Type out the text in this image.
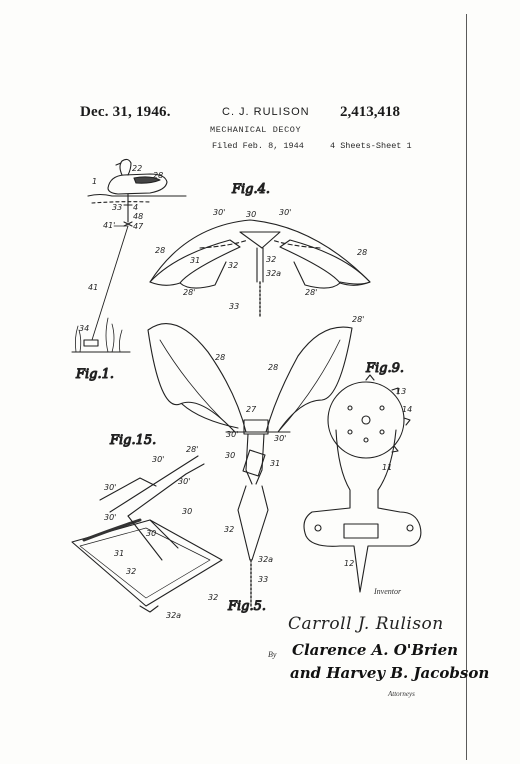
Dec. 31, 1946.	C. J. RULISON 2,413,418
MECHANICAL DECOY
Filed Feb. 8, 1944	4 Sheets-Sheet 1
Fig.4.
Fig.1.	Fig.9.
Fig.15.
Fig.5.
1
22
28
33 4
48
47
41'
41
34
30'	30	30'
28	28
31
32
32
32a
28'	28'
33
28
28
28'
27
30'	30'
30
31
32
32a
33
13
14
11
12
28'
30'
30'
30'
30'
30
30
31
32
32
32a
Inventor
Carroll J. Rulison
By Clarence A. O'Brien
and Harvey B. Jacobson
Attorneys
